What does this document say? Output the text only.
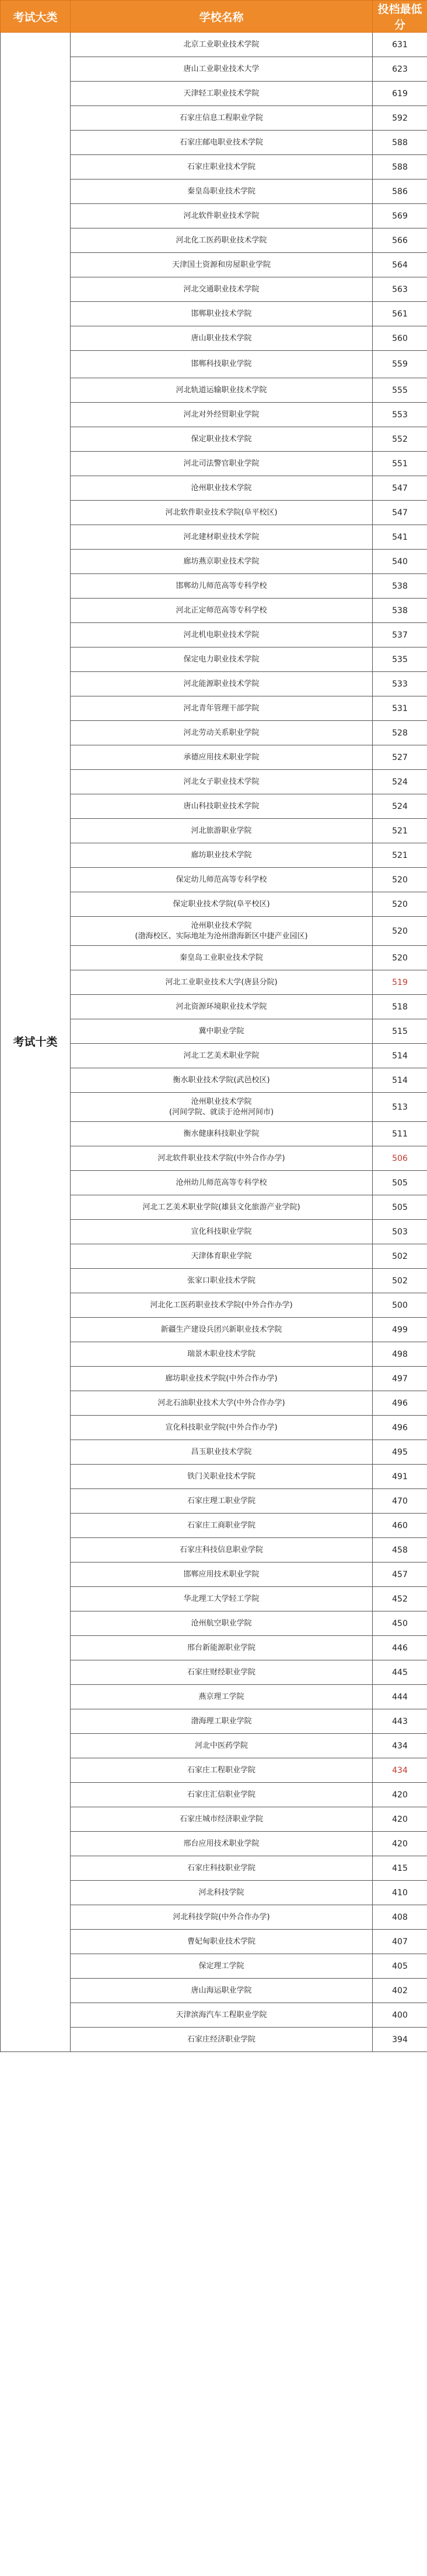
考试大类	学校名称	投档最低分
考试十类	北京工业职业技术学院	631
	唐山工业职业技术大学	623
	天津轻工职业技术学院	619
	石家庄信息工程职业学院	592
	石家庄邮电职业技术学院	588
	石家庄职业技术学院	588
	秦皇岛职业技术学院	586
	河北软件职业技术学院	569
	河北化工医药职业技术学院	566
	天津国土资源和房屋职业学院	564
	河北交通职业技术学院	563
	邯郸职业技术学院	561
	唐山职业技术学院	560
	邯郸科技职业学院	559
	河北轨道运输职业技术学院	555
	河北对外经贸职业学院	553
	保定职业技术学院	552
	河北司法警官职业学院	551
	沧州职业技术学院	547
	河北软件职业技术学院(阜平校区)	547
	河北建材职业技术学院	541
	廊坊燕京职业技术学院	540
	邯郸幼儿师范高等专科学校	538
	河北正定师范高等专科学校	538
	河北机电职业技术学院	537
	保定电力职业技术学院	535
	河北能源职业技术学院	533
	河北青年管理干部学院	531
	河北劳动关系职业学院	528
	承德应用技术职业学院	527
	河北女子职业技术学院	524
	唐山科技职业技术学院	524
	河北旅游职业学院	521
	廊坊职业技术学院	521
	保定幼儿师范高等专科学校	520
	保定职业技术学院(阜平校区)	520
	沧州职业技术学院
(渤海校区、实际地址为沧州渤海新区中捷产业园区)	520
	秦皇岛工业职业技术学院	520
	河北工业职业技术大学(唐县分院)	519
	河北资源环境职业技术学院	518
	冀中职业学院	515
	河北工艺美术职业学院	514
	衡水职业技术学院(武邑校区)	514
	沧州职业技术学院
(河间学院、就读于沧州河间市)	513
	衡水健康科技职业学院	511
	河北软件职业技术学院(中外合作办学)	506
	沧州幼儿师范高等专科学校	505
	河北工艺美术职业学院(雄县文化旅游产业学院)	505
	宣化科技职业学院	503
	天津体育职业学院	502
	张家口职业技术学院	502
	河北化工医药职业技术学院(中外合作办学)	500
	新疆生产建设兵团兴新职业技术学院	499
	瑞景木职业技术学院	498
	廊坊职业技术学院(中外合作办学)	497
	河北石油职业技术大学(中外合作办学)	496
	宣化科技职业学院(中外合作办学)	496
	昌玉职业技术学院	495
	铁门关职业技术学院	491
	石家庄理工职业学院	470
	石家庄工商职业学院	460
	石家庄科技信息职业学院	458
	邯郸应用技术职业学院	457
	华北理工大学轻工学院	452
	沧州航空职业学院	450
	邢台新能源职业学院	446
	石家庄财经职业学院	445
	燕京理工学院	444
	渤海理工职业学院	443
	河北中医药学院	434
	石家庄工程职业学院	434
	石家庄汇信职业学院	420
	石家庄城市经济职业学院	420
	邢台应用技术职业学院	420
	石家庄科技职业学院	415
	河北科技学院	410
	河北科技学院(中外合作办学)	408
	曹妃甸职业技术学院	407
	保定理工学院	405
	唐山海运职业学院	402
	天津滨海汽车工程职业学院	400
	石家庄经济职业学院	394
